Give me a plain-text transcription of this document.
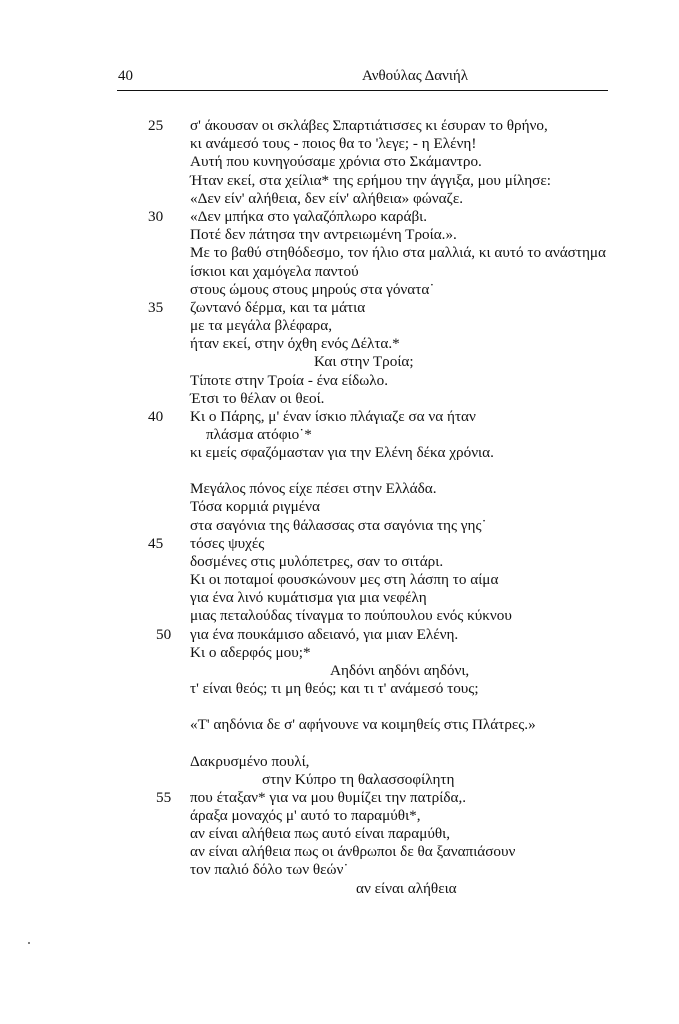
40	Ανθούλας Δανιήλ
25
30
35
40
45
50
55
σ' άκουσαν οι σκλάβες Σπαρτιάτισσες κι έσυραν το θρήνο,
κι ανάμεσό τους - ποιος θα το 'λεγε; - η Ελένη!
Αυτή που κυνηγούσαμε χρόνια στο Σκάμαντρο.
Ήταν εκεί, στα χείλια* της ερήμου την άγγιξα, μου μίλησε:
«Δεν είν' αλήθεια, δεν είν' αλήθεια» φώναζε.
«Δεν μπήκα στο γαλαζόπλωρο καράβι.
Ποτέ δεν πάτησα την αντρειωμένη Τροία.».
Με το βαθύ στηθόδεσμο, τον ήλιο στα μαλλιά, κι αυτό το ανάστημα
ίσκιοι και χαμόγελα παντού
στους ώμους στους μηρούς στα γόνατα˙
ζωντανό δέρμα, και τα μάτια
με τα μεγάλα βλέφαρα,
ήταν εκεί, στην όχθη ενός Δέλτα.*
Και στην Τροία;
Τίποτε στην Τροία - ένα είδωλο.
Έτσι το θέλαν οι θεοί.
Κι ο Πάρης, μ' έναν ίσκιο πλάγιαζε σα να ήταν
πλάσμα ατόφιο˙*
κι εμείς σφαζόμασταν για την Ελένη δέκα χρόνια.
Μεγάλος πόνος είχε πέσει στην Ελλάδα.
Τόσα κορμιά ριγμένα
στα σαγόνια της θάλασσας στα σαγόνια της γης˙
τόσες ψυχές
δοσμένες στις μυλόπετρες, σαν το σιτάρι.
Κι οι ποταμοί φουσκώνουν μες στη λάσπη το αίμα
για ένα λινό κυμάτισμα για μια νεφέλη
μιας πεταλούδας τίναγμα το πούπουλου ενός κύκνου
για ένα πουκάμισο αδειανό, για μιαν Ελένη.
Κι ο αδερφός μου;*
Αηδόνι αηδόνι αηδόνι,
τ' είναι θεός; τι μη θεός; και τι τ' ανάμεσό τους;
«Τ' αηδόνια δε σ' αφήνουνε να κοιμηθείς στις Πλάτρες.»
Δακρυσμένο πουλί,
στην Κύπρο τη θαλασσοφίλητη
που έταξαν* για να μου θυμίζει την πατρίδα,.
άραξα μοναχός μ' αυτό το παραμύθι*,
αν είναι αλήθεια πως αυτό είναι παραμύθι,
αν είναι αλήθεια πως οι άνθρωποι δε θα ξαναπιάσουν
τον παλιό δόλο των θεών˙
αν είναι αλήθεια
